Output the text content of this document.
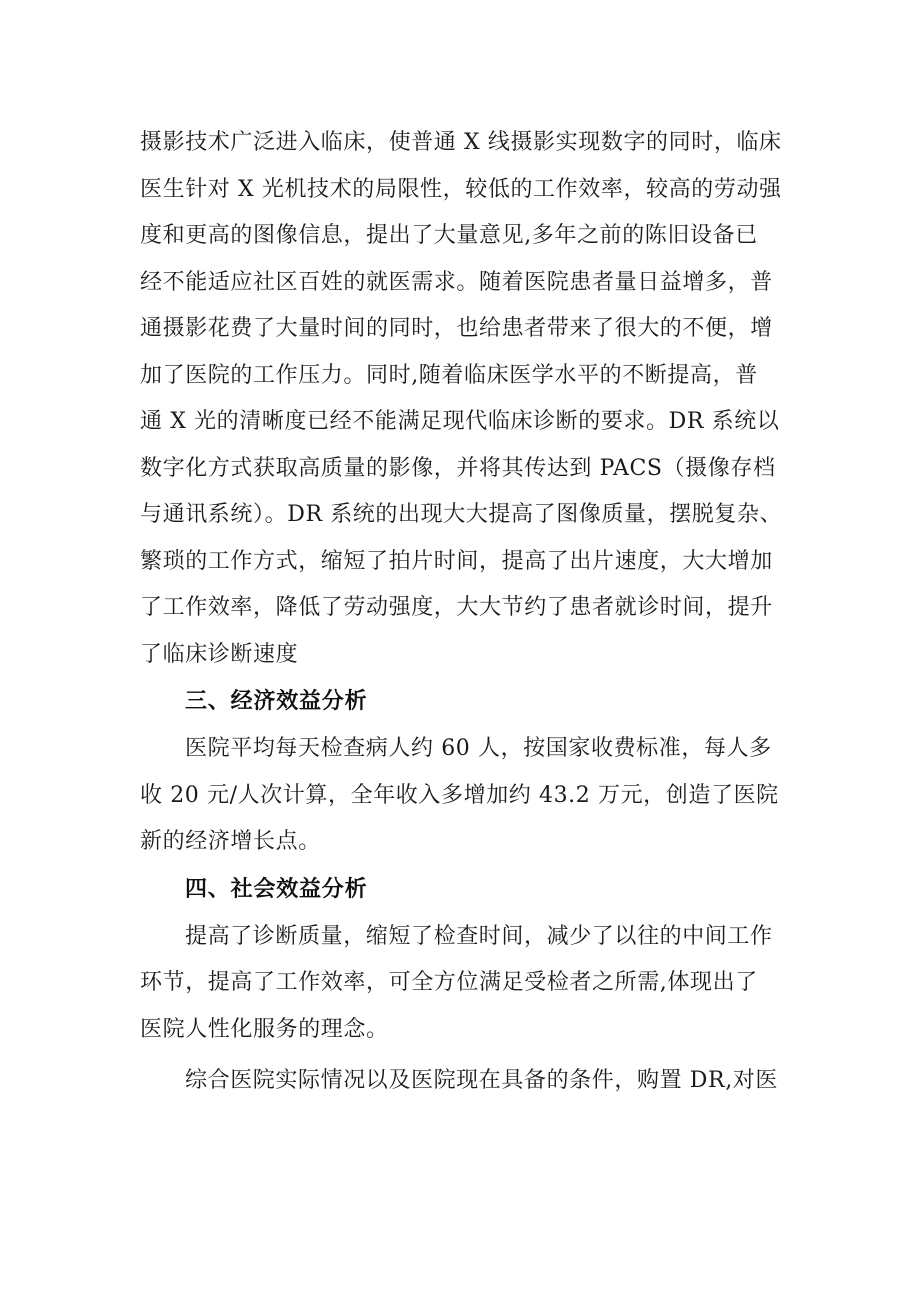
摄影技术广泛进入临床，使普通 X 线摄影实现数字的同时，临床
医生针对 X 光机技术的局限性，较低的工作效率，较高的劳动强
度和更高的图像信息，提出了大量意见,多年之前的陈旧设备已
经不能适应社区百姓的就医需求。随着医院患者量日益增多，普
通摄影花费了大量时间的同时，也给患者带来了很大的不便，增
加了医院的工作压力。同时,随着临床医学水平的不断提高，普
通 X 光的清晰度已经不能满足现代临床诊断的要求。DR 系统以
数字化方式获取高质量的影像，并将其传达到 PACS（摄像存档
与通讯系统）。DR 系统的出现大大提高了图像质量，摆脱复杂、
繁琐的工作方式，缩短了拍片时间，提高了出片速度，大大增加
了工作效率，降低了劳动强度，大大节约了患者就诊时间，提升
了临床诊断速度
三、经济效益分析
医院平均每天检查病人约 60 人，按国家收费标准，每人多
收 20 元/人次计算，全年收入多增加约 43.2 万元，创造了医院
新的经济增长点。
四、社会效益分析
提高了诊断质量，缩短了检查时间，减少了以往的中间工作
环节，提高了工作效率，可全方位满足受检者之所需,体现出了
医院人性化服务的理念。
综合医院实际情况以及医院现在具备的条件，购置 DR,对医
